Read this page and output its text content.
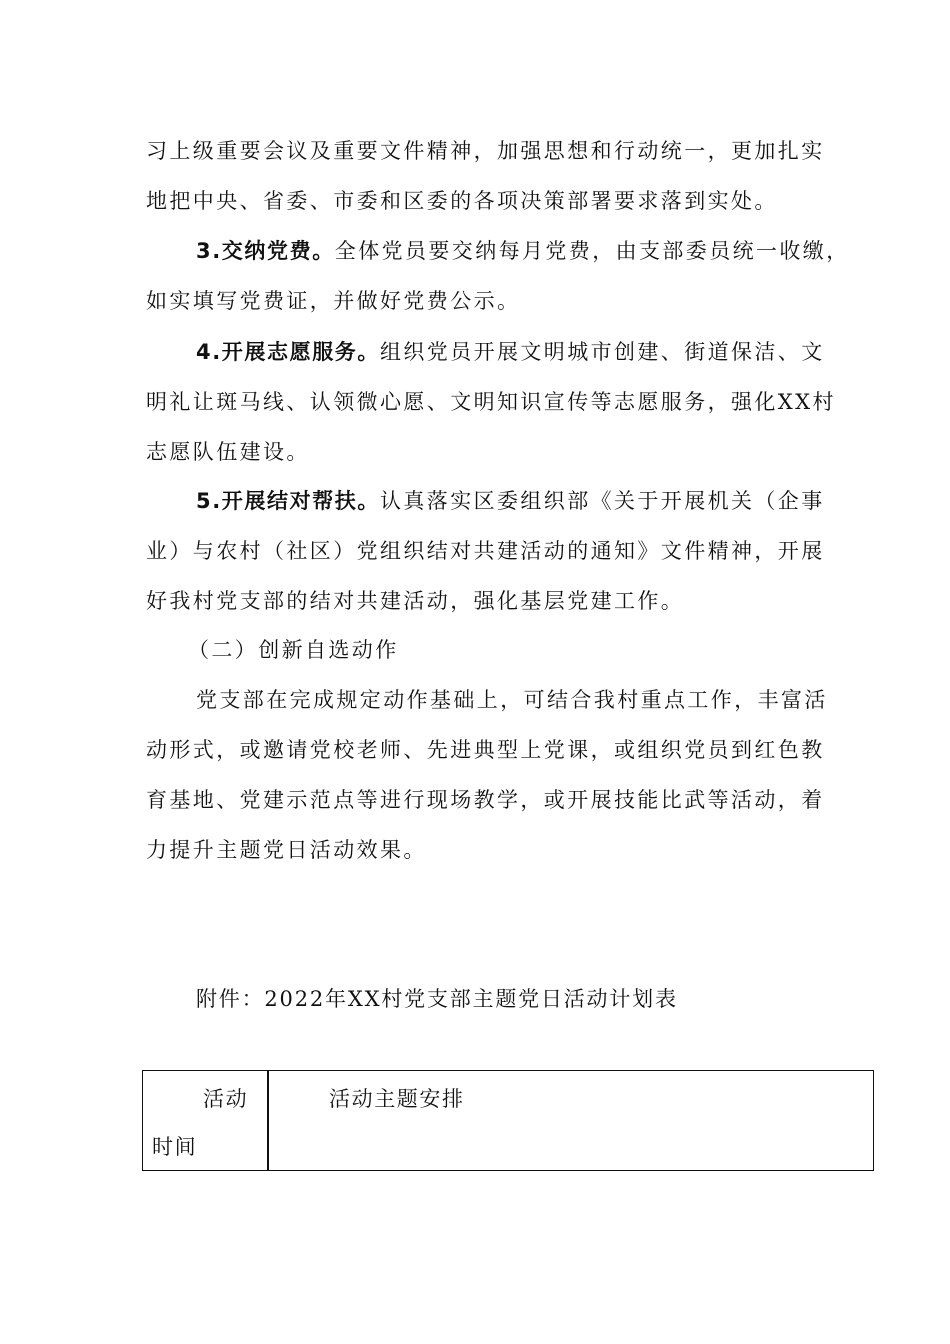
习上级重要会议及重要文件精神，加强思想和行动统一，更加扎实
地把中央、省委、市委和区委的各项决策部署要求落到实处。
3.交纳党费。全体党员要交纳每月党费，由支部委员统一收缴，
如实填写党费证，并做好党费公示。
4.开展志愿服务。组织党员开展文明城市创建、街道保洁、文
明礼让斑马线、认领微心愿、文明知识宣传等志愿服务，强化XX村
志愿队伍建设。
5.开展结对帮扶。认真落实区委组织部《关于开展机关（企事
业）与农村（社区）党组织结对共建活动的通知》文件精神，开展
好我村党支部的结对共建活动，强化基层党建工作。
（二）创新自选动作
党支部在完成规定动作基础上，可结合我村重点工作，丰富活
动形式，或邀请党校老师、先进典型上党课，或组织党员到红色教
育基地、党建示范点等进行现场教学，或开展技能比武等活动，着
力提升主题党日活动效果。
附件：2022年XX村党支部主题党日活动计划表
活动
时间
活动主题安排
